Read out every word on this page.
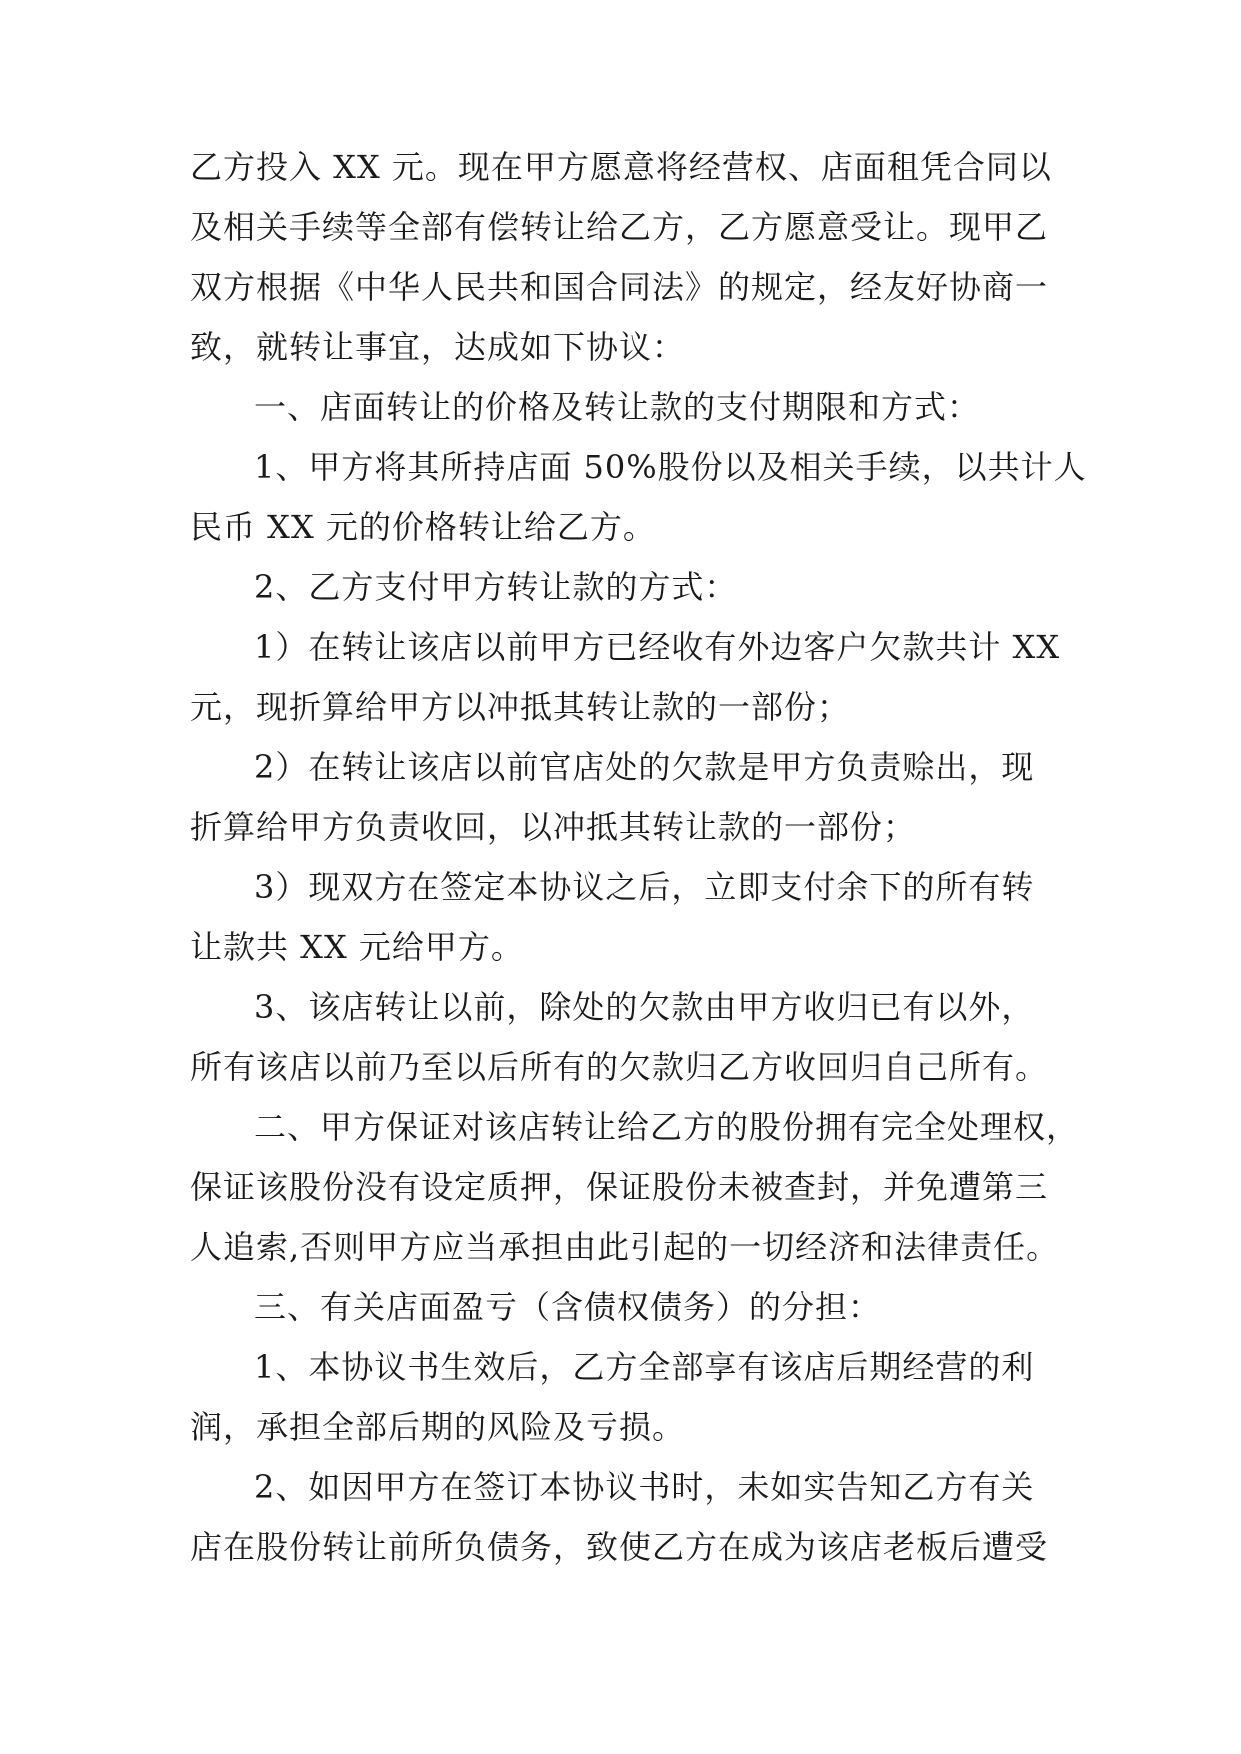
乙方投入 XX 元。现在甲方愿意将经营权、店面租凭合同以
及相关手续等全部有偿转让给乙方，乙方愿意受让。现甲乙
双方根据《中华人民共和国合同法》的规定，经友好协商一
致，就转让事宜，达成如下协议：
一、店面转让的价格及转让款的支付期限和方式：
1、甲方将其所持店面 50%股份以及相关手续，以共计人
民币 XX 元的价格转让给乙方。
2、乙方支付甲方转让款的方式：
1）在转让该店以前甲方已经收有外边客户欠款共计 XX
元，现折算给甲方以冲抵其转让款的一部份；
2）在转让该店以前官店处的欠款是甲方负责赊出，现
折算给甲方负责收回，以冲抵其转让款的一部份；
3）现双方在签定本协议之后，立即支付余下的所有转
让款共 XX 元给甲方。
3、该店转让以前，除处的欠款由甲方收归已有以外，
所有该店以前乃至以后所有的欠款归乙方收回归自己所有。
二、甲方保证对该店转让给乙方的股份拥有完全处理权，
保证该股份没有设定质押，保证股份未被查封，并免遭第三
人追索,否则甲方应当承担由此引起的一切经济和法律责任。
三、有关店面盈亏（含债权债务）的分担：
1、本协议书生效后，乙方全部享有该店后期经营的利
润，承担全部后期的风险及亏损。
2、如因甲方在签订本协议书时，未如实告知乙方有关
店在股份转让前所负债务，致使乙方在成为该店老板后遭受
